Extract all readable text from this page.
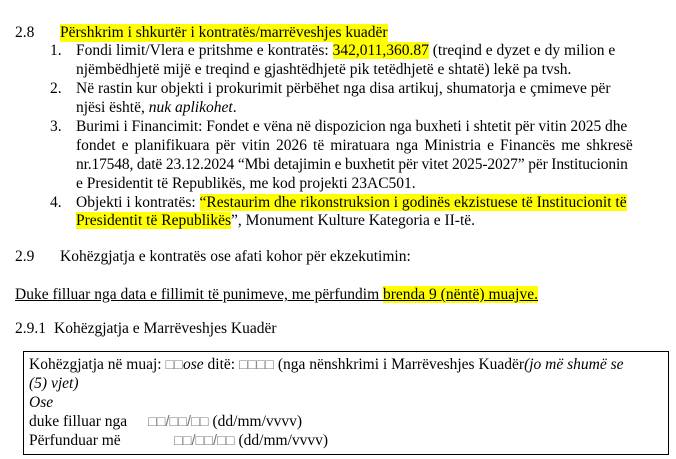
2.8 Përshkrim i shkurtër i kontratës/marrëveshjes kuadër
1. Fondi limit/Vlera e pritshme e kontratës: 342,011,360.87 (treqind e dyzet e dy milion e
njëmbëdhjetë mijë e treqind e gjashtëdhjetë pik tetëdhjetë e shtatë) lekë pa tvsh.
2. Në rastin kur objekti i prokurimit përbëhet nga disa artikuj, shumatorja e çmimeve për
njësi është, nuk aplikohet.
3. Burimi i Financimit: Fondet e vëna në dispozicion nga buxheti i shtetit për vitin 2025 dhe
fondet e planifikuara për vitin 2026 të miratuara nga Ministria e Financës me shkresë
nr.17548, datë 23.12.2024 “Mbi detajimin e buxhetit për vitet 2025-2027” për Institucionin
e Presidentit të Republikës, me kod projekti 23AC501.
4. Objekti i kontratës: “Restaurim dhe rikonstruksion i godinës ekzistuese të Institucionit të
Presidentit të Republikës”, Monument Kulture Kategoria e II-të.
2.9 Kohëzgjatja e kontratës ose afati kohor për ekzekutimin:
Duke filluar nga data e fillimit të punimeve, me përfundim brenda 9 (nëntë) muajve.
2.9.1 Kohëzgjatja e Marrëveshjes Kuadër
Kohëzgjatja në muaj: □□ose ditë: □□□□ (nga nënshkrimi i Marrëveshjes Kuadër(jo më shumë se
(5) vjet)
Ose
duke filluar nga □□/□□/□□ (dd/mm/vvvv)
Përfunduar më	□□/□□/□□ (dd/mm/vvvv)
